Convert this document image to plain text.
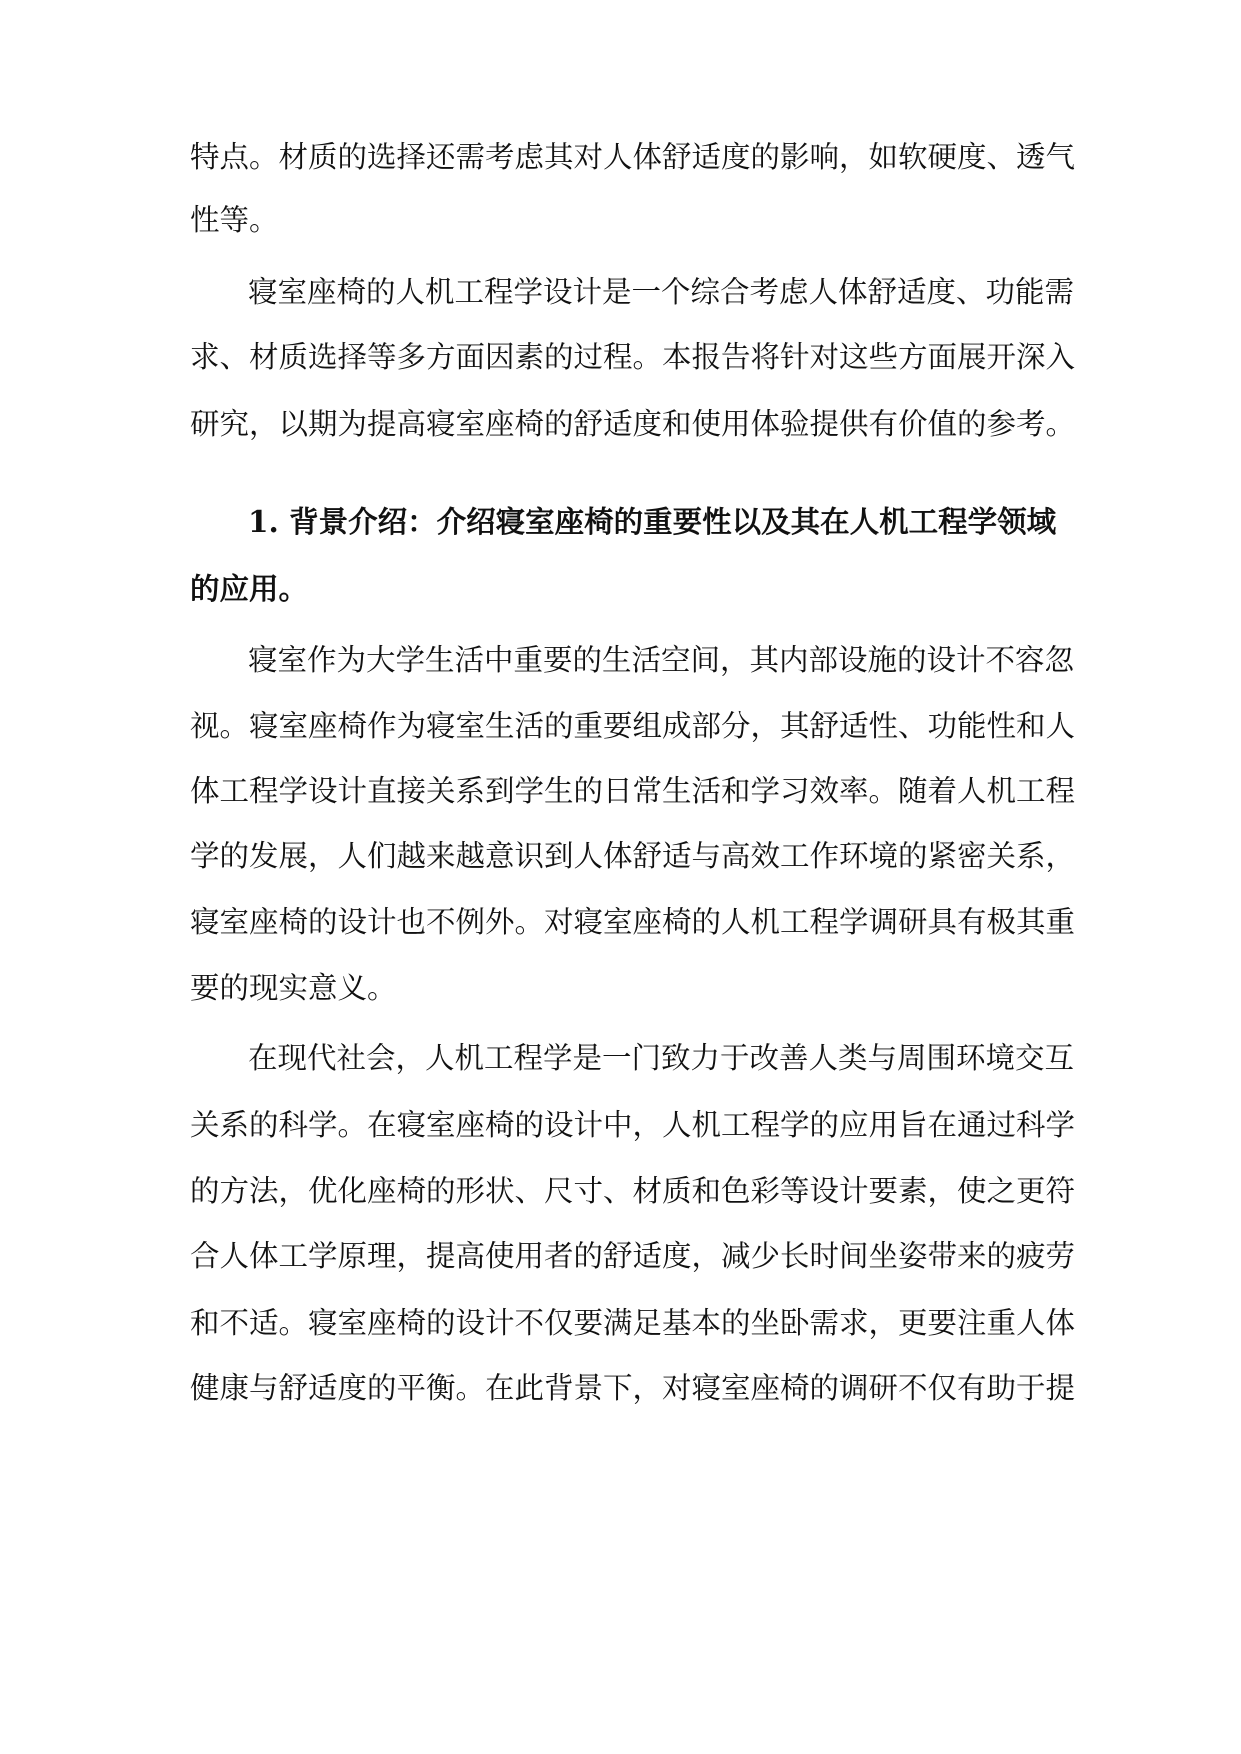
特点。材质的选择还需考虑其对人体舒适度的影响，如软硬度、透气
性等。
寝室座椅的人机工程学设计是一个综合考虑人体舒适度、功能需
求、材质选择等多方面因素的过程。本报告将针对这些方面展开深入
研究，以期为提高寝室座椅的舒适度和使用体验提供有价值的参考。
1. 背景介绍：介绍寝室座椅的重要性以及其在人机工程学领域
的应用。
寝室作为大学生活中重要的生活空间，其内部设施的设计不容忽
视。寝室座椅作为寝室生活的重要组成部分，其舒适性、功能性和人
体工程学设计直接关系到学生的日常生活和学习效率。随着人机工程
学的发展，人们越来越意识到人体舒适与高效工作环境的紧密关系，
寝室座椅的设计也不例外。对寝室座椅的人机工程学调研具有极其重
要的现实意义。
在现代社会，人机工程学是一门致力于改善人类与周围环境交互
关系的科学。在寝室座椅的设计中，人机工程学的应用旨在通过科学
的方法，优化座椅的形状、尺寸、材质和色彩等设计要素，使之更符
合人体工学原理，提高使用者的舒适度，减少长时间坐姿带来的疲劳
和不适。寝室座椅的设计不仅要满足基本的坐卧需求，更要注重人体
健康与舒适度的平衡。在此背景下，对寝室座椅的调研不仅有助于提
